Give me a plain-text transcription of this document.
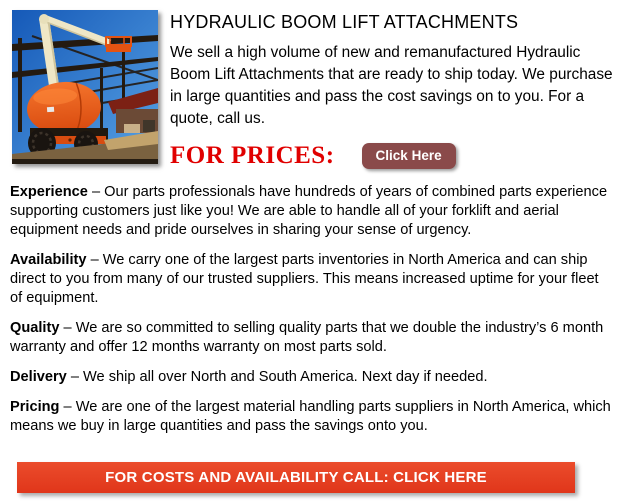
HYDRAULIC BOOM LIFT ATTACHMENTS

We sell a high volume of new and remanufactured Hydraulic Boom Lift Attachments that are ready to ship today. We purchase in large quantities and pass the cost savings on to you. For a quote, call us.

FOR PRICES:	Click Here

Experience – Our parts professionals have hundreds of years of combined parts experience supporting customers just like you! We are able to handle all of your forklift and aerial equipment needs and pride ourselves in sharing your sense of urgency.

Availability – We carry one of the largest parts inventories in North America and can ship direct to you from many of our trusted suppliers. This means increased uptime for your fleet of equipment.

Quality – We are so committed to selling quality parts that we double the industry’s 6 month warranty and offer 12 months warranty on most parts sold.

Delivery – We ship all over North and South America. Next day if needed.

Pricing – We are one of the largest material handling parts suppliers in North America, which means we buy in large quantities and pass the savings onto you.

FOR COSTS AND AVAILABILITY CALL: CLICK HERE
